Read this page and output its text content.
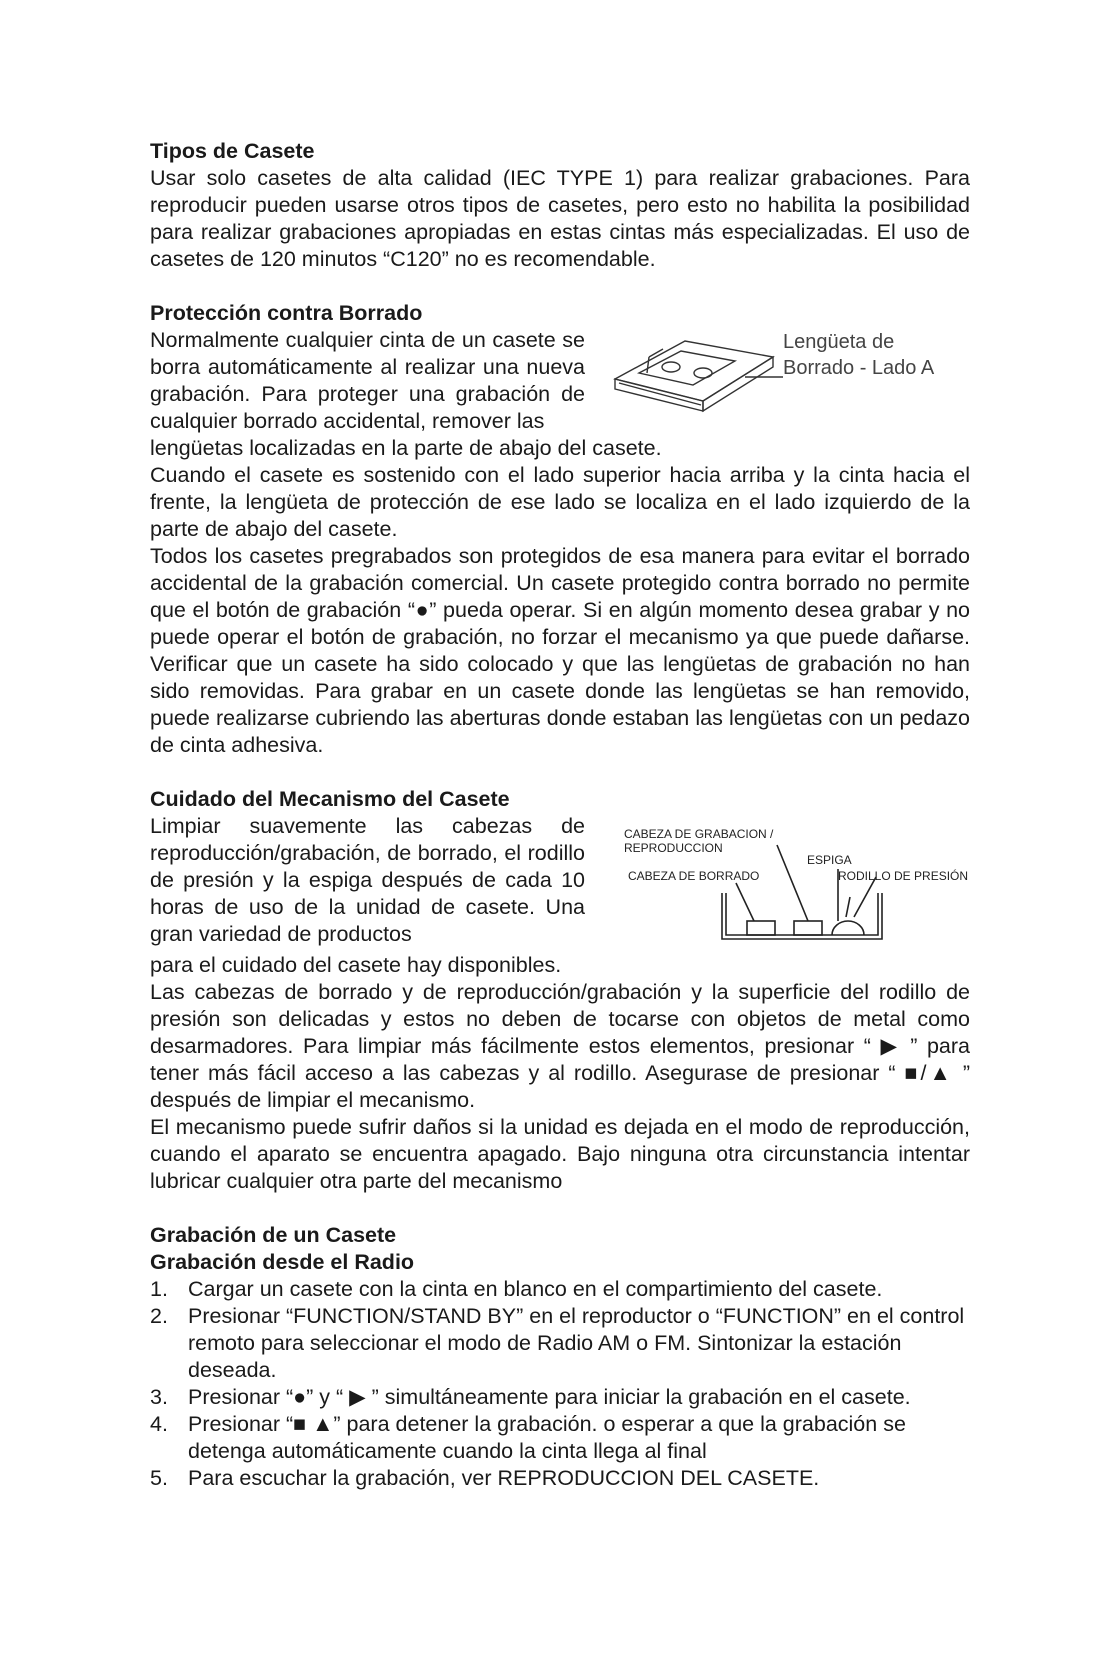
Tipos de Casete

Usar solo casetes de alta calidad (IEC TYPE 1) para realizar grabaciones. Para reproducir pueden usarse otros tipos de casetes, pero esto no habilita la posibilidad para realizar grabaciones apropiadas en estas cintas más especializadas. El uso de casetes de 120 minutos “C120” no es recomendable.

Protección contra Borrado

Normalmente cualquier cinta de un casete se borra automáticamente al realizar una nueva grabación. Para proteger una grabación de cualquier borrado accidental, remover las

Lengüeta de
Borrado - Lado A

lengüetas localizadas en la parte de abajo del casete.

Cuando el casete es sostenido con el lado superior hacia arriba y la cinta hacia el frente, la lengüeta de protección de ese lado se localiza en el lado izquierdo de la parte de abajo del casete.

Todos los casetes pregrabados son protegidos de esa manera para evitar el borrado accidental de la grabación comercial. Un casete protegido contra borrado no permite que el botón de grabación “●” pueda operar. Si en algún momento desea grabar y no puede operar el botón de grabación, no forzar el mecanismo ya que puede dañarse. Verificar que un casete ha sido colocado y que las lengüetas de grabación no han sido removidas. Para grabar en un casete donde las lengüetas se han removido, puede realizarse cubriendo las aberturas donde estaban las lengüetas con un pedazo de cinta adhesiva.

Cuidado del Mecanismo del Casete

Limpiar suavemente las cabezas de reproducción/grabación, de borrado, el rodillo de presión y la espiga después de cada 10 horas de uso de la unidad de casete. Una gran variedad de productos

CABEZA DE GRABACION /
REPRODUCCION
ESPIGA
CABEZA DE BORRADO	RODILLO DE PRESIÓN

para el cuidado del casete hay disponibles.

Las cabezas de borrado y de reproducción/grabación y la superficie del rodillo de presión son delicadas y estos no deben de tocarse con objetos de metal como desarmadores. Para limpiar más fácilmente estos elementos, presionar “ ▶ ” para tener más fácil acceso a las cabezas y al rodillo. Asegurase de presionar “ ■/▲ ” después de limpiar el mecanismo.

El mecanismo puede sufrir daños si la unidad es dejada en el modo de reproducción, cuando el aparato se encuentra apagado. Bajo ninguna otra circunstancia intentar lubricar cualquier otra parte del mecanismo

Grabación de un Casete
Grabación desde el Radio
1. Cargar un casete con la cinta en blanco en el compartimiento del casete.
2. Presionar “FUNCTION/STAND BY” en el reproductor o “FUNCTION” en el control remoto para seleccionar el modo de Radio AM o FM. Sintonizar la estación deseada.
3. Presionar “●” y “ ▶ ” simultáneamente para iniciar la grabación en el casete.
4. Presionar “■ ▲” para detener la grabación. o esperar a que la grabación se detenga automáticamente cuando la cinta llega al final
5. Para escuchar la grabación, ver REPRODUCCION DEL CASETE.
